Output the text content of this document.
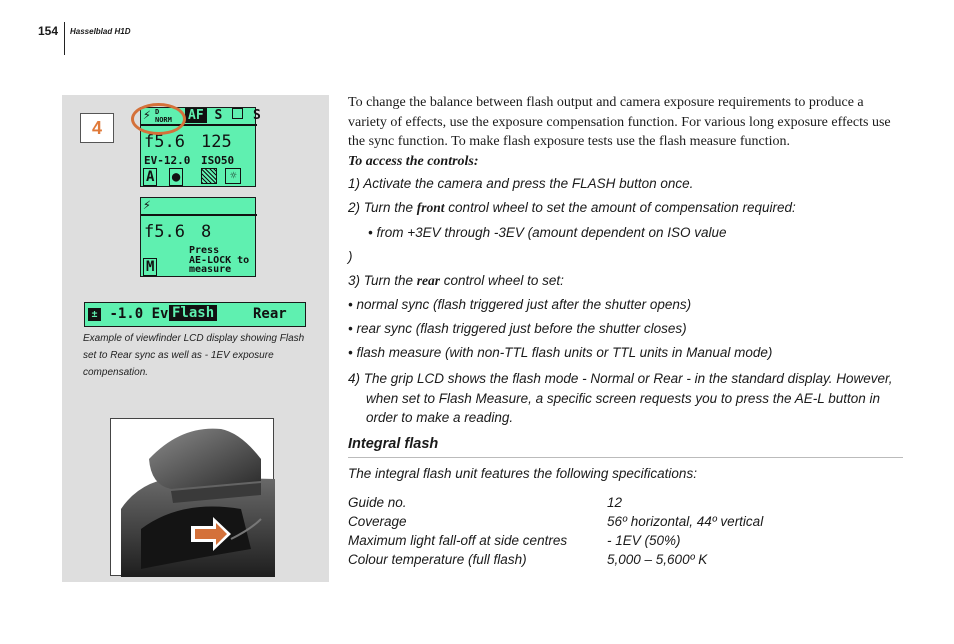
154 Hasselblad H1D
4
⚡ D
NORM AF S S
f5.6 125
EV-12.0 ISO50
A ●	☼
⚡
f5.6 8
M
Press
AE-LOCK to
measure
± -1.0 Ev Flash	Rear
Example of viewfinder LCD display showing Flash set to Rear sync as well as - 1EV exposure compensation.
To change the balance between flash output and camera exposure requirements to produce a variety of effects, use the exposure compensation function. For various long exposure effects use the sync function. To make flash exposure tests use the flash measure function.
To access the controls:
1) Activate the camera and press the FLASH button once.
2) Turn the front control wheel to set the amount of compensation required:
• from +3EV through -3EV (amount dependent on ISO value
)
3) Turn the rear control wheel to set:
• normal sync (flash triggered just after the shutter opens)
• rear sync (flash triggered just before the shutter closes)
• flash measure (with non-TTL flash units or TTL units in Manual mode)
4) The grip LCD shows the flash mode - Normal or Rear - in the standard display. However, when set to Flash Measure, a specific screen requests you to press the AE-L button in order to make a reading.
Integral flash
The integral flash unit features the following specifications:
Guide no.	12
Coverage	56º horizontal, 44º vertical
Maximum light fall-off at side centres	- 1EV (50%)
Colour temperature (full flash)	5,000 – 5,600º K
